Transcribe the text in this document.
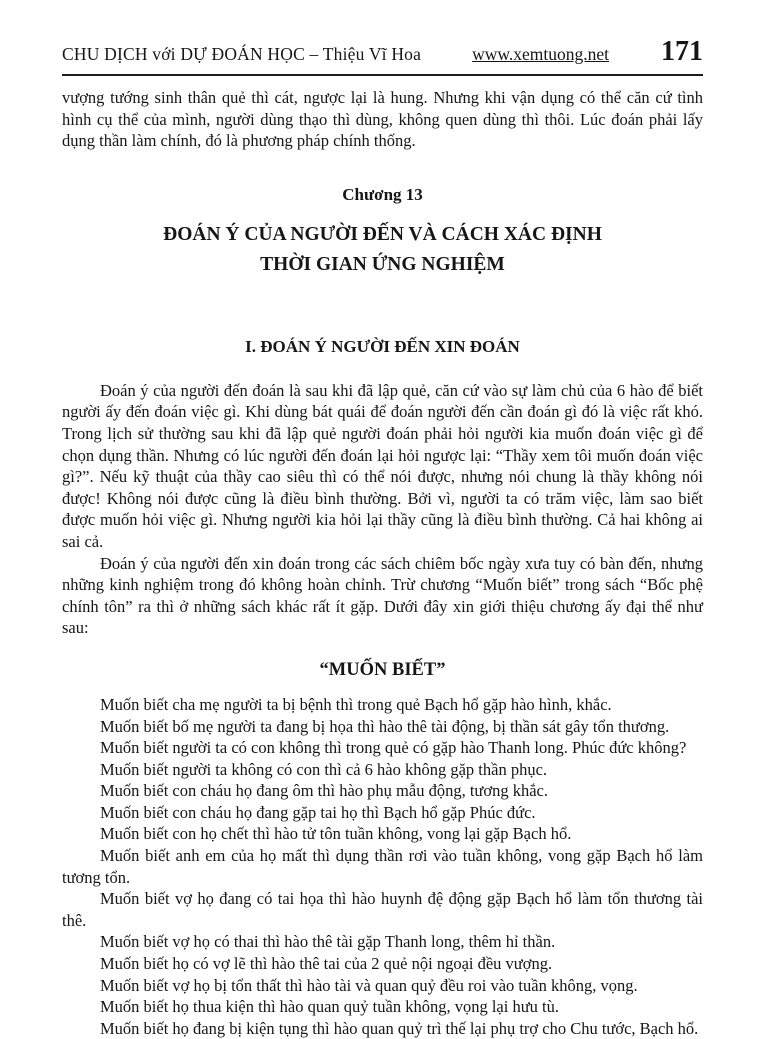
CHU DỊCH với DỰ ĐOÁN HỌC – Thiệu Vĩ Hoa	www.xemtuong.net 171

vượng tướng sinh thân quẻ thì cát, ngược lại là hung. Nhưng khi vận dụng có thể căn cứ tình hình cụ thể của mình, người dùng thạo thì dùng, không quen dùng thì thôi. Lúc đoán phải lấy dụng thần làm chính, đó là phương pháp chính thống.

Chương 13
ĐOÁN Ý CỦA NGƯỜI ĐẾN VÀ CÁCH XÁC ĐỊNH
THỜI GIAN ỨNG NGHIỆM
I. ĐOÁN Ý NGƯỜI ĐẾN XIN ĐOÁN

Đoán ý của người đến đoán là sau khi đã lập quẻ, căn cứ vào sự làm chủ của 6 hào để biết người ấy đến đoán việc gì. Khi dùng bát quái để đoán người đến cần đoán gì đó là việc rất khó. Trong lịch sử thường sau khi đã lập quẻ người đoán phải hỏi người kia muốn đoán việc gì để chọn dụng thần. Nhưng có lúc người đến đoán lại hỏi ngược lại: “Thầy xem tôi muốn đoán việc gì?”. Nếu kỹ thuật của thầy cao siêu thì có thể nói được, nhưng nói chung là thầy không nói được! Không nói được cũng là điều bình thường. Bởi vì, người ta có trăm việc, làm sao biết được muốn hỏi việc gì. Nhưng người kia hỏi lại thầy cũng là điều bình thường. Cả hai không ai sai cả.

Đoán ý của người đến xin đoán trong các sách chiêm bốc ngày xưa tuy có bàn đến, nhưng những kinh nghiệm trong đó không hoàn chỉnh. Trừ chương “Muốn biết” trong sách “Bốc phệ chính tôn” ra thì ở những sách khác rất ít gặp. Dưới đây xin giới thiệu chương ấy đại thể như sau:

“MUỐN BIẾT”

Muốn biết cha mẹ người ta bị bệnh thì trong quẻ Bạch hổ gặp hào hình, khắc.

Muốn biết bố mẹ người ta đang bị họa thì hào thê tài động, bị thần sát gây tổn thương.

Muốn biết người ta có con không thì trong quẻ có gặp hào Thanh long. Phúc đức không?

Muốn biết người ta không có con thì cả 6 hào không gặp thần phục.

Muốn biết con cháu họ đang ôm thì hào phụ mẫu động, tương khắc.

Muốn biết con cháu họ đang gặp tai họ thì Bạch hổ gặp Phúc đức.

Muốn biết con họ chết thì hào tử tôn tuần không, vong lại gặp Bạch hổ.

Muốn biết anh em của họ mất thì dụng thần rơi vào tuần không, vong gặp Bạch hổ làm tương tổn.

Muốn biết vợ họ đang có tai họa thì hào huynh đệ động gặp Bạch hổ làm tổn thương tài thê.

Muốn biết vợ họ có thai thì hào thê tài gặp Thanh long, thêm hỉ thần.

Muốn biết họ có vợ lẽ thì hào thê tai của 2 quẻ nội ngoại đều vượng.

Muốn biết vợ họ bị tổn thất thì hào tài và quan quỷ đều roi vào tuần không, vọng.

Muốn biết họ thua kiện thì hào quan quỷ tuần không, vọng lại hưu tù.

Muốn biết họ đang bị kiện tụng thì hào quan quỷ trì thế lại phụ trợ cho Chu tước, Bạch hổ.
